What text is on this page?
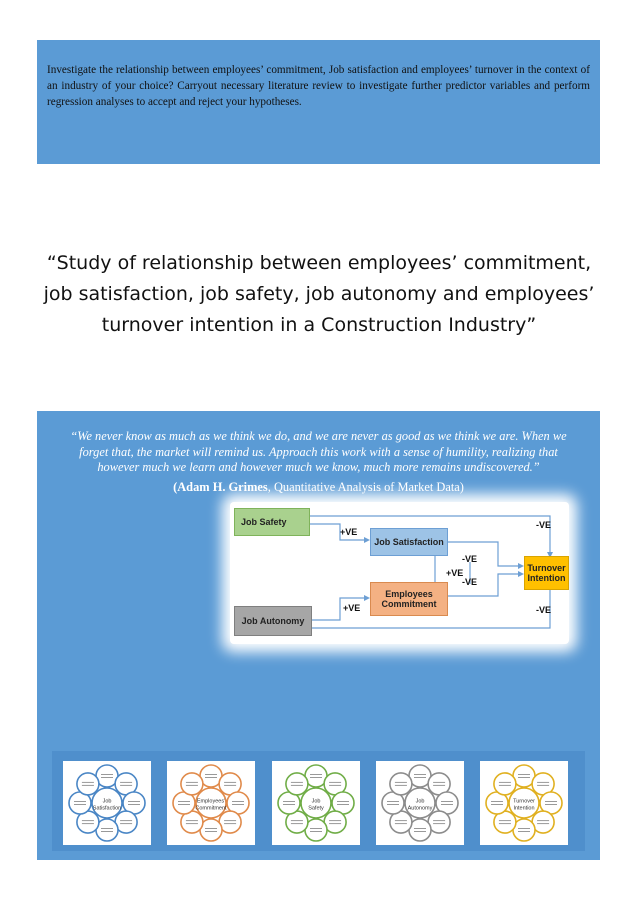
Investigate the relationship between employees’ commitment, Job satisfaction and employees’ turnover in the context of an industry of your choice? Carryout necessary literature review to investigate further predictor variables and perform regression analyses to accept and reject your hypotheses.
“Study of relationship between employees’ commitment,
job satisfaction, job safety, job autonomy and employees’
turnover intention in a Construction Industry”
“We never know as much as we think we do, and we are never as good as we think we are. When we forget that, the market will remind us. Approach this work with a sense of humility, realizing that however much we learn and however much we know, much more remains undiscovered.”
(Adam H. Grimes, Quantitative Analysis of Market Data)
Job Safety
Job Satisfaction
Employees Commitment
Job Autonomy
Turnover Intention
+VE
+VE
+VE
-VE
-VE
-VE
-VE
Job
Satisfaction
Employees'
Commitment
Job
Safety
Job
Autonomy
Turnover
Intention
